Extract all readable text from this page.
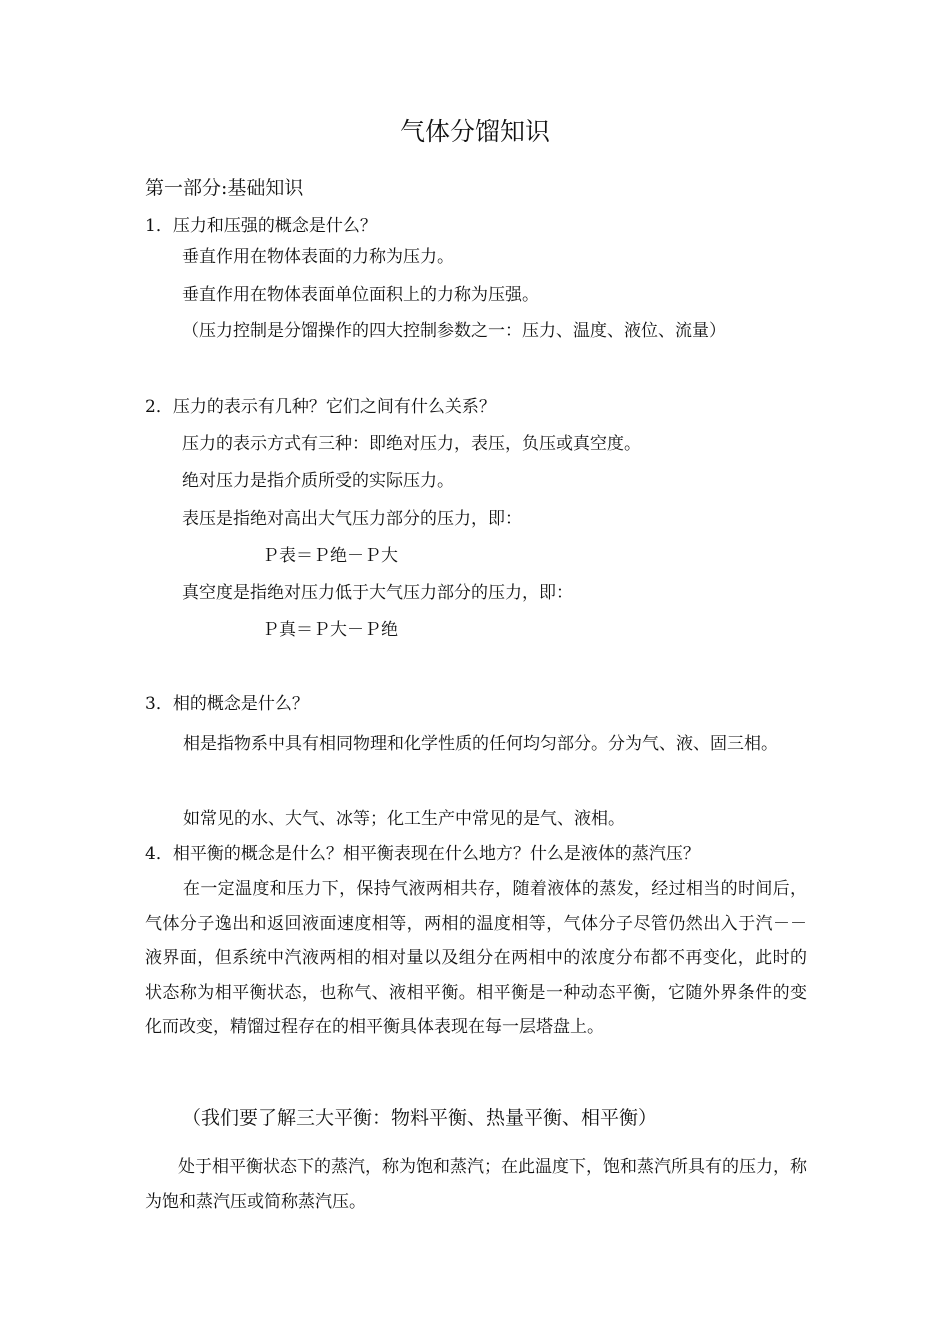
气体分馏知识
第一部分:基础知识
1．压力和压强的概念是什么？
垂直作用在物体表面的力称为压力。
垂直作用在物体表面单位面积上的力称为压强。
（压力控制是分馏操作的四大控制参数之一：压力、温度、液位、流量）
2．压力的表示有几种？它们之间有什么关系？
压力的表示方式有三种：即绝对压力，表压，负压或真空度。
绝对压力是指介质所受的实际压力。
表压是指绝对高出大气压力部分的压力，即：
Ｐ表＝Ｐ绝－Ｐ大
真空度是指绝对压力低于大气压力部分的压力，即：
Ｐ真＝Ｐ大－Ｐ绝
3．相的概念是什么？
相是指物系中具有相同物理和化学性质的任何均匀部分。分为气、液、固三相。
如常见的水、大气、冰等；化工生产中常见的是气、液相。
4．相平衡的概念是什么？相平衡表现在什么地方？什么是液体的蒸汽压？
在一定温度和压力下，保持气液两相共存，随着液体的蒸发，经过相当的时间后，气体分子逸出和返回液面速度相等，两相的温度相等，气体分子尽管仍然出入于汽－－液界面，但系统中汽液两相的相对量以及组分在两相中的浓度分布都不再变化，此时的状态称为相平衡状态，也称气、液相平衡。相平衡是一种动态平衡，它随外界条件的变化而改变，精馏过程存在的相平衡具体表现在每一层塔盘上。
（我们要了解三大平衡：物料平衡、热量平衡、相平衡）
处于相平衡状态下的蒸汽，称为饱和蒸汽；在此温度下，饱和蒸汽所具有的压力，称为饱和蒸汽压或简称蒸汽压。
